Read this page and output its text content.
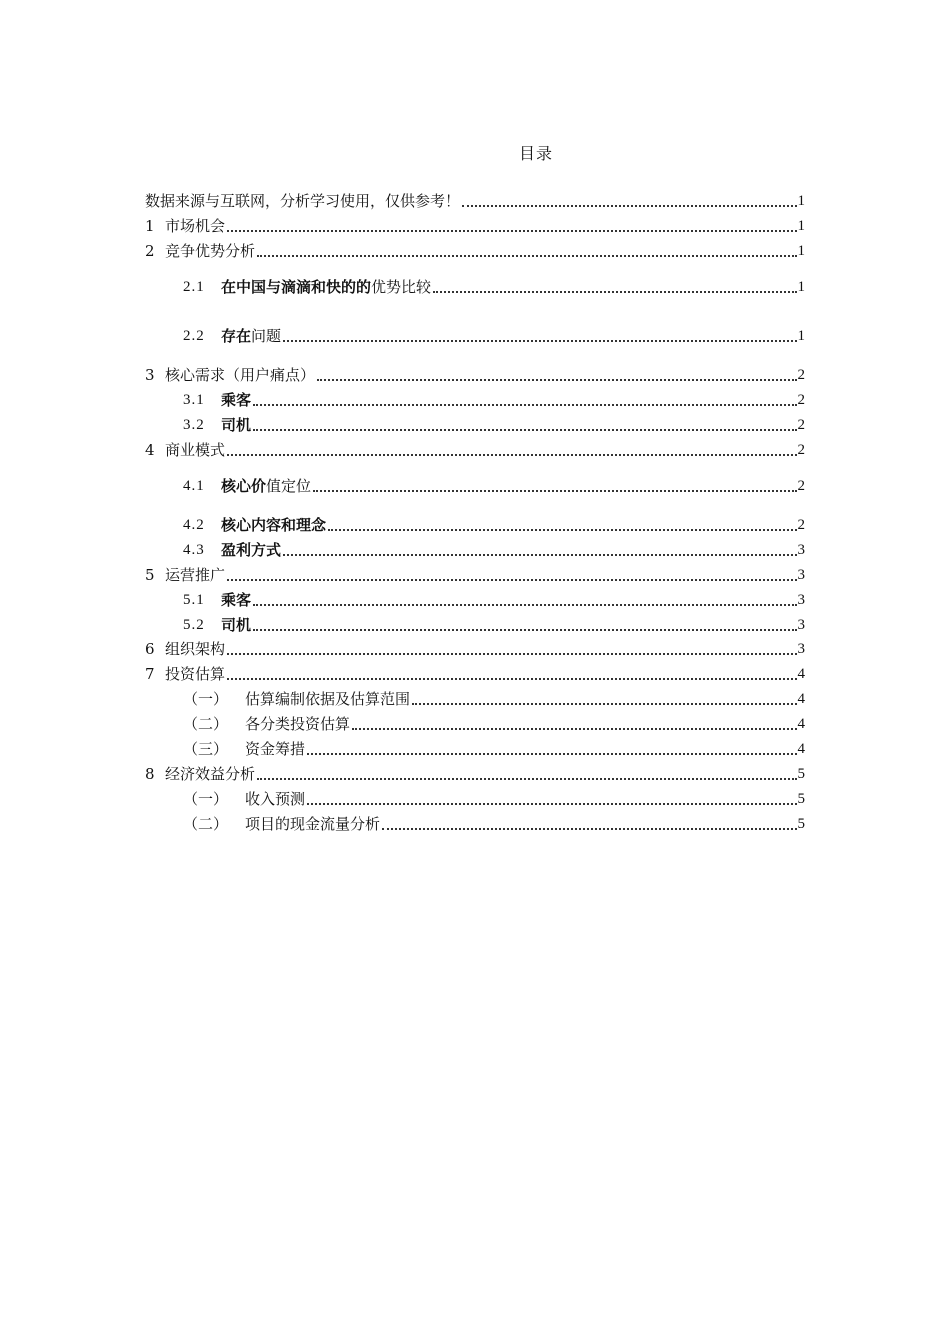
目录
数据来源与互联网，分析学习使用，仅供参考！	1
1 市场机会	1
2 竞争优势分析	1
2.1	在中国与滴滴和快的的优势比较	1
2.2	存在问题	1
3 核心需求（用户痛点）	2
3.1	乘客	2
3.2	司机	2
4 商业模式	2
4.1	核心价值定位	2
4.2	核心内容和理念	2
4.3	盈利方式	3
5 运营推广	3
5.1	乘客	3
5.2	司机	3
6 组织架构	3
7 投资估算	4
（一）	估算编制依据及估算范围	4
（二）	各分类投资估算	4
（三）	资金筹措	4
8 经济效益分析	5
（一）	收入预测	5
（二）	项目的现金流量分析	5
